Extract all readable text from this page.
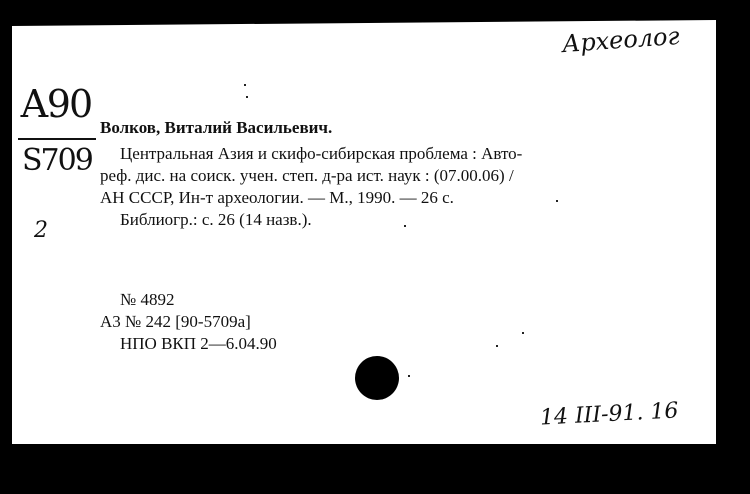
Археолог
А90
S709
2
Волков, Виталий Васильевич.
Центральная Азия и скифо-сибирская проблема : Авто-
реф. дис. на соиск. учен. степ. д-ра ист. наук : (07.00.06) /
АН СССР, Ин-т археологии. — М., 1990. — 26 с.
Библиогр.: с. 26 (14 назв.).
№ 4892
А3 № 242 [90-5709а]
НПО ВКП 2—6.04.90
14 III-91. 16
